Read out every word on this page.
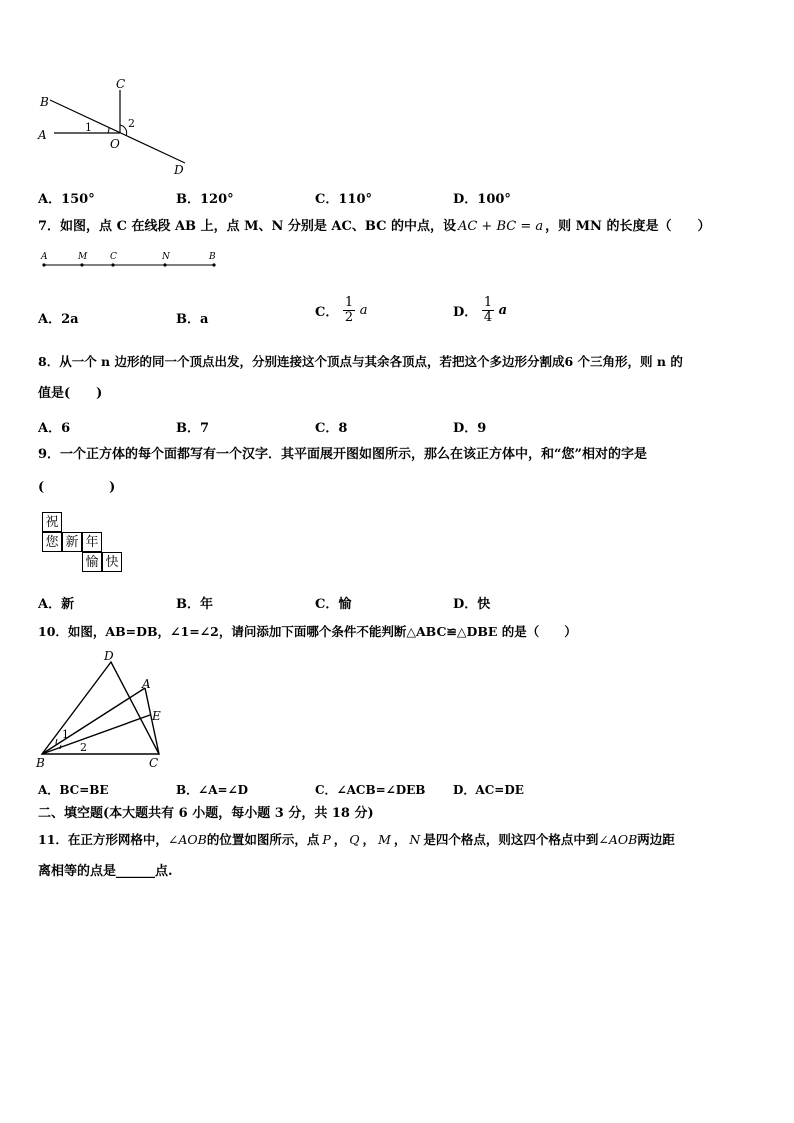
B
A
C
O
D
1	2
A．150°	B．120°	C．110°	D．100°
7．如图，点 C 在线段 AB 上，点 M、N 分别是 AC、BC 的中点，设 AC + BC = a ，则 MN 的长度是（　　）
A	M	C	N	B
A．2a	B．a	C． $\frac{1}{2}$ a	D． $\frac{1}{4}$ a
8．从一个 n 边形的同一个顶点出发，分别连接这个顶点与其余各顶点，若把这个多边形分割成6 个三角形，则 n 的
值是(　　)
A．6	B．7	C．8	D．9
9．一个正方体的每个面都写有一个汉字．其平面展开图如图所示，那么在该正方体中，和“您”相对的字是
(　　　　　)
祝
您 新 年
愉 快
A．新	B．年	C．愉	D．快
10．如图，AB=DB，∠1=∠2，请问添加下面哪个条件不能判断△ABC≌△DBE 的是（　　）
D
A
E
B	C
1
2
A．BC=BE	B．∠A=∠D	C．∠ACB=∠DEB D．AC=DE
二、填空题(本大题共有 6 小题，每小题 3 分，共 18 分)
11．在正方形网格中，∠AOB的位置如图所示，点 P ， Q ， M ， N 是四个格点，则这四个格点中到∠AOB两边距
离相等的点是______点.
